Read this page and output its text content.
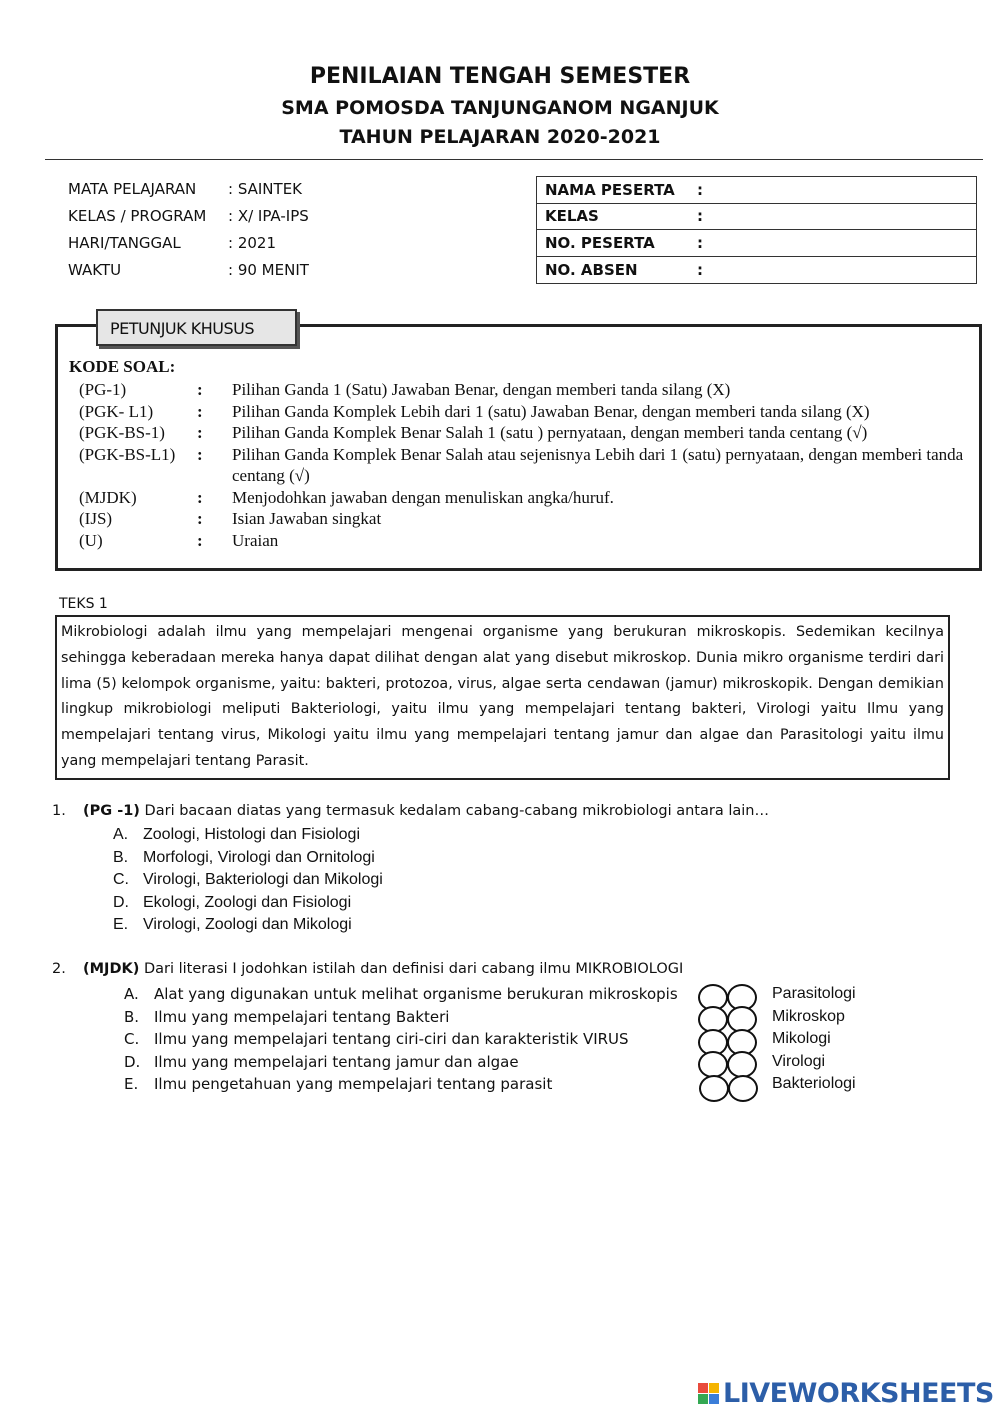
PENILAIAN TENGAH SEMESTER
SMA POMOSDA TANJUNGANOM NGANJUK
TAHUN PELAJARAN 2020-2021
MATA PELAJARAN	: SAINTEK
KELAS / PROGRAM	: X/ IPA-IPS
HARI/TANGGAL	: 2021
WAKTU	: 90 MENIT
NAMA PESERTA	:
KELAS	:
NO. PESERTA	:
NO. ABSEN	:
PETUNJUK KHUSUS
KODE SOAL:
(PG-1)	:	Pilihan Ganda 1 (Satu) Jawaban Benar, dengan memberi tanda silang (X)
(PGK- L1)	:	Pilihan Ganda Komplek Lebih dari 1 (satu) Jawaban Benar, dengan memberi tanda silang (X)
(PGK-BS-1)	:	Pilihan Ganda Komplek Benar Salah 1 (satu ) pernyataan, dengan memberi tanda centang (√)
(PGK-BS-L1)	:	Pilihan Ganda Komplek Benar Salah atau sejenisnya Lebih dari 1 (satu) pernyataan, dengan memberi tanda centang (√)
(MJDK)	:	Menjodohkan jawaban dengan menuliskan angka/huruf.
(IJS)	:	Isian Jawaban singkat
(U)	:	Uraian
TEKS 1
Mikrobiologi adalah ilmu yang mempelajari mengenai organisme yang berukuran mikroskopis. Sedemikan kecilnya sehingga keberadaan mereka hanya dapat dilihat dengan alat yang disebut mikroskop. Dunia mikro organisme terdiri dari lima (5) kelompok organisme, yaitu: bakteri, protozoa, virus, algae serta cendawan (jamur) mikroskopik. Dengan demikian lingkup mikrobiologi meliputi Bakteriologi, yaitu ilmu yang mempelajari tentang bakteri, Virologi yaitu Ilmu yang mempelajari tentang virus, Mikologi yaitu ilmu yang mempelajari tentang jamur dan algae dan Parasitologi yaitu ilmu yang mempelajari tentang Parasit.
1. (PG -1) Dari bacaan diatas yang termasuk kedalam cabang-cabang mikrobiologi antara lain…
A. Zoologi, Histologi dan Fisiologi
B. Morfologi, Virologi dan Ornitologi
C. Virologi, Bakteriologi dan Mikologi
D. Ekologi, Zoologi dan Fisiologi
E. Virologi, Zoologi dan Mikologi
2. (MJDK) Dari literasi I jodohkan istilah dan definisi dari cabang ilmu MIKROBIOLOGI
A.	Alat yang digunakan untuk melihat organisme berukuran mikroskopis
B. Ilmu yang mempelajari tentang Bakteri
C. Ilmu yang mempelajari tentang ciri-ciri dan karakteristik VIRUS
D. Ilmu yang mempelajari tentang jamur dan algae
E.	Ilmu pengetahuan yang mempelajari tentang parasit
Parasitologi
Mikroskop
Mikologi
Virologi
Bakteriologi
LIVEWORKSHEETS
